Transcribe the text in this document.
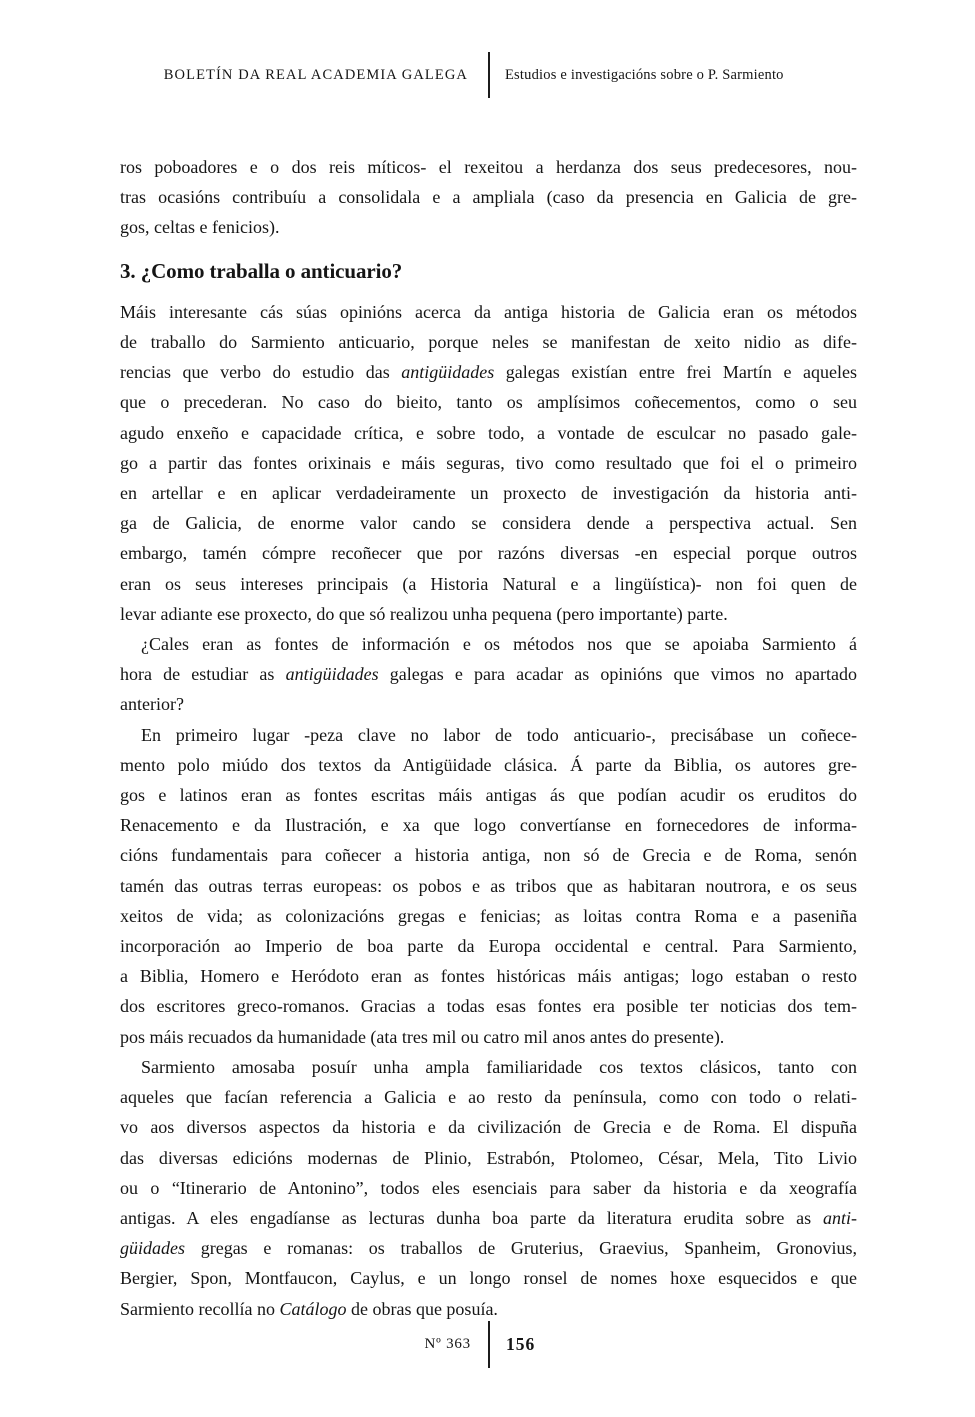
BOLETÍN DA REAL ACADEMIA GALEGA	Estudios e investigacións sobre o P. Sarmiento
ros poboadores e o dos reis míticos- el rexeitou a herdanza dos seus predecesores, nou-
tras ocasións contribuíu a consolidala e a ampliala (caso da presencia en Galicia de gre-
gos, celtas e fenicios).
3. ¿Como traballa o anticuario?
Máis interesante cás súas opinións acerca da antiga historia de Galicia eran os métodos
de traballo do Sarmiento anticuario, porque neles se manifestan de xeito nidio as dife-
rencias que verbo do estudio das antigüidades galegas existían entre frei Martín e aqueles
que o precederan. No caso do bieito, tanto os amplísimos coñecementos, como o seu
agudo enxeño e capacidade crítica, e sobre todo, a vontade de esculcar no pasado gale-
go a partir das fontes orixinais e máis seguras, tivo como resultado que foi el o primeiro
en artellar e en aplicar verdadeiramente un proxecto de investigación da historia anti-
ga de Galicia, de enorme valor cando se considera dende a perspectiva actual. Sen
embargo, tamén cómpre recoñecer que por razóns diversas -en especial porque outros
eran os seus intereses principais (a Historia Natural e a lingüística)- non foi quen de
levar adiante ese proxecto, do que só realizou unha pequena (pero importante) parte.
¿Cales eran as fontes de información e os métodos nos que se apoiaba Sarmiento á
hora de estudiar as antigüidades galegas e para acadar as opinións que vimos no apartado
anterior?
En primeiro lugar -peza clave no labor de todo anticuario-, precisábase un coñece-
mento polo miúdo dos textos da Antigüidade clásica. Á parte da Biblia, os autores gre-
gos e latinos eran as fontes escritas máis antigas ás que podían acudir os eruditos do
Renacemento e da Ilustración, e xa que logo convertíanse en fornecedores de informa-
cións fundamentais para coñecer a historia antiga, non só de Grecia e de Roma, senón
tamén das outras terras europeas: os pobos e as tribos que as habitaran noutrora, e os seus
xeitos de vida; as colonizacións gregas e fenicias; as loitas contra Roma e a paseniña
incorporación ao Imperio de boa parte da Europa occidental e central. Para Sarmiento,
a Biblia, Homero e Heródoto eran as fontes históricas máis antigas; logo estaban o resto
dos escritores greco-romanos. Gracias a todas esas fontes era posible ter noticias dos tem-
pos máis recuados da humanidade (ata tres mil ou catro mil anos antes do presente).
Sarmiento amosaba posuír unha ampla familiaridade cos textos clásicos, tanto con
aqueles que facían referencia a Galicia e ao resto da península, como con todo o relati-
vo aos diversos aspectos da historia e da civilización de Grecia e de Roma. El dispuña
das diversas edicións modernas de Plinio, Estrabón, Ptolomeo, César, Mela, Tito Livio
ou o “Itinerario de Antonino”, todos eles esenciais para saber da historia e da xeografía
antigas. A eles engadíanse as lecturas dunha boa parte da literatura erudita sobre as anti-
güidades gregas e romanas: os traballos de Gruterius, Graevius, Spanheim, Gronovius,
Bergier, Spon, Montfaucon, Caylus, e un longo ronsel de nomes hoxe esquecidos e que
Sarmiento recollía no Catálogo de obras que posuía.
Nº 363	156
